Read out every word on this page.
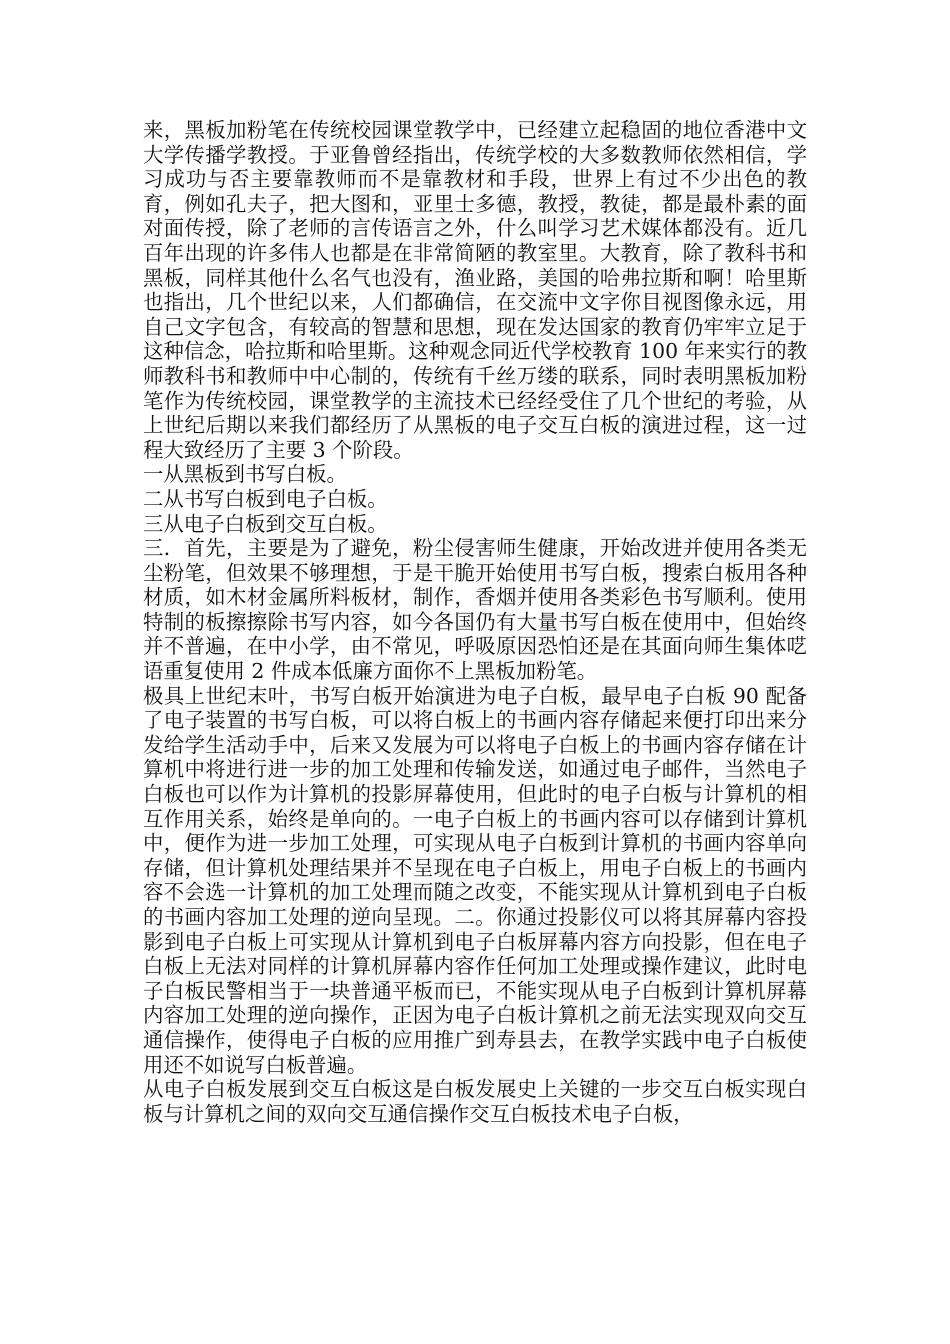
来，黑板加粉笔在传统校园课堂教学中，已经建立起稳固的地位香港中文大学传播学教授。于亚鲁曾经指出，传统学校的大多数教师依然相信，学习成功与否主要靠教师而不是靠教材和手段，世界上有过不少出色的教育，例如孔夫子，把大图和，亚里士多德，教授，教徒，都是最朴素的面对面传授，除了老师的言传语言之外，什么叫学习艺术媒体都没有。近几百年出现的许多伟人也都是在非常简陋的教室里。大教育，除了教科书和黑板，同样其他什么名气也没有，渔业路，美国的哈弗拉斯和啊！哈里斯也指出，几个世纪以来，人们都确信，在交流中文字你目视图像永远，用自己文字包含，有较高的智慧和思想，现在发达国家的教育仍牢牢立足于这种信念，哈拉斯和哈里斯。这种观念同近代学校教育 100 年来实行的教师教科书和教师中中心制的，传统有千丝万缕的联系，同时表明黑板加粉笔作为传统校园，课堂教学的主流技术已经经受住了几个世纪的考验，从上世纪后期以来我们都经历了从黑板的电子交互白板的演进过程，这一过程大致经历了主要 3 个阶段。

一从黑板到书写白板。

二从书写白板到电子白板。

三从电子白板到交互白板。

三．首先，主要是为了避免，粉尘侵害师生健康，开始改进并使用各类无尘粉笔，但效果不够理想，于是干脆开始使用书写白板，搜索白板用各种材质，如木材金属所料板材，制作，香烟并使用各类彩色书写顺利。使用特制的板擦擦除书写内容，如今各国仍有大量书写白板在使用中，但始终并不普遍，在中小学，由不常见，呼吸原因恐怕还是在其面向师生集体呓语重复使用 2 件成本低廉方面你不上黑板加粉笔。

极具上世纪末叶，书写白板开始演进为电子白板，最早电子白板 90 配备了电子装置的书写白板，可以将白板上的书画内容存储起来便打印出来分发给学生活动手中，后来又发展为可以将电子白板上的书画内容存储在计算机中将进行进一步的加工处理和传输发送，如通过电子邮件，当然电子白板也可以作为计算机的投影屏幕使用，但此时的电子白板与计算机的相互作用关系，始终是单向的。一电子白板上的书画内容可以存储到计算机中，便作为进一步加工处理，可实现从电子白板到计算机的书画内容单向存储，但计算机处理结果并不呈现在电子白板上，用电子白板上的书画内容不会选一计算机的加工处理而随之改变，不能实现从计算机到电子白板的书画内容加工处理的逆向呈现。二。你通过投影仪可以将其屏幕内容投影到电子白板上可实现从计算机到电子白板屏幕内容方向投影，但在电子白板上无法对同样的计算机屏幕内容作任何加工处理或操作建议，此时电子白板民警相当于一块普通平板而已，不能实现从电子白板到计算机屏幕内容加工处理的逆向操作，正因为电子白板计算机之前无法实现双向交互通信操作，使得电子白板的应用推广到寿县去，在教学实践中电子白板使用还不如说写白板普遍。

从电子白板发展到交互白板这是白板发展史上关键的一步交互白板实现白板与计算机之间的双向交互通信操作交互白板技术电子白板，
